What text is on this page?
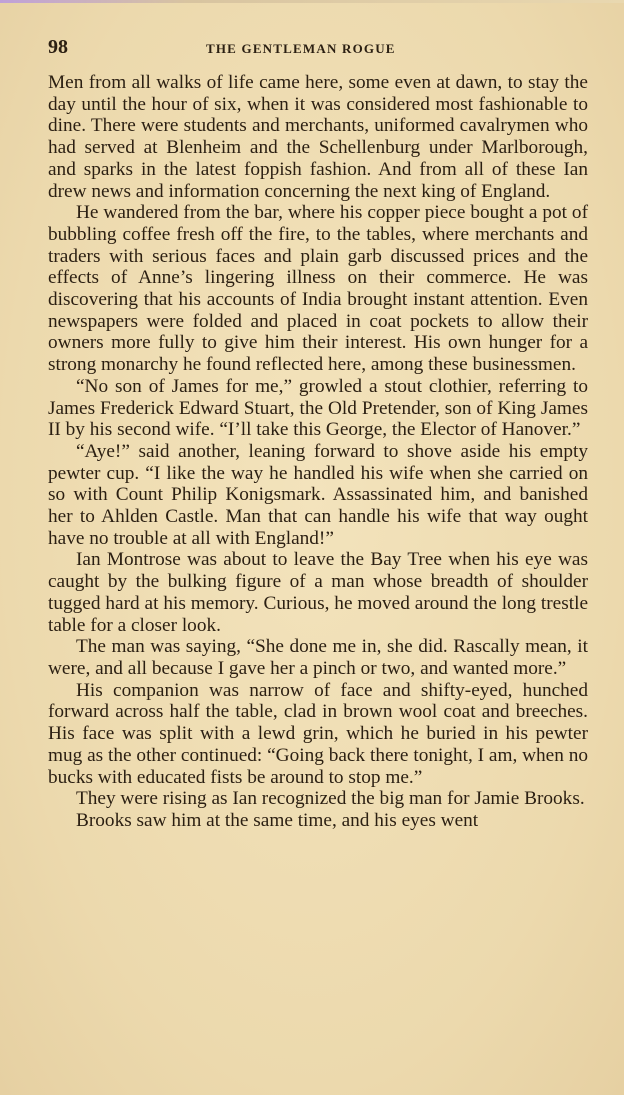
98	THE GENTLEMAN ROGUE

Men from all walks of life came here, some even at dawn, to stay the day until the hour of six, when it was considered most fashionable to dine. There were students and merchants, uniformed cavalrymen who had served at Blenheim and the Schellenburg under Marlborough, and sparks in the latest foppish fashion. And from all of these Ian drew news and information concerning the next king of England.

He wandered from the bar, where his copper piece bought a pot of bubbling coffee fresh off the fire, to the tables, where merchants and traders with serious faces and plain garb discussed prices and the effects of Anne’s lingering illness on their commerce. He was discovering that his accounts of India brought instant attention. Even newspapers were folded and placed in coat pockets to allow their owners more fully to give him their interest. His own hunger for a strong monarchy he found reflected here, among these businessmen.

“No son of James for me,” growled a stout clothier, referring to James Frederick Edward Stuart, the Old Pretender, son of King James II by his second wife. “I’ll take this George, the Elector of Hanover.”

“Aye!” said another, leaning forward to shove aside his empty pewter cup. “I like the way he handled his wife when she carried on so with Count Philip Konigsmark. Assassinated him, and banished her to Ahlden Castle. Man that can handle his wife that way ought have no trouble at all with England!”

Ian Montrose was about to leave the Bay Tree when his eye was caught by the bulking figure of a man whose breadth of shoulder tugged hard at his memory. Curious, he moved around the long trestle table for a closer look.

The man was saying, “She done me in, she did. Rascally mean, it were, and all because I gave her a pinch or two, and wanted more.”

His companion was narrow of face and shifty-eyed, hunched forward across half the table, clad in brown wool coat and breeches. His face was split with a lewd grin, which he buried in his pewter mug as the other continued: “Going back there tonight, I am, when no bucks with educated fists be around to stop me.”

They were rising as Ian recognized the big man for Jamie Brooks.

Brooks saw him at the same time, and his eyes went
